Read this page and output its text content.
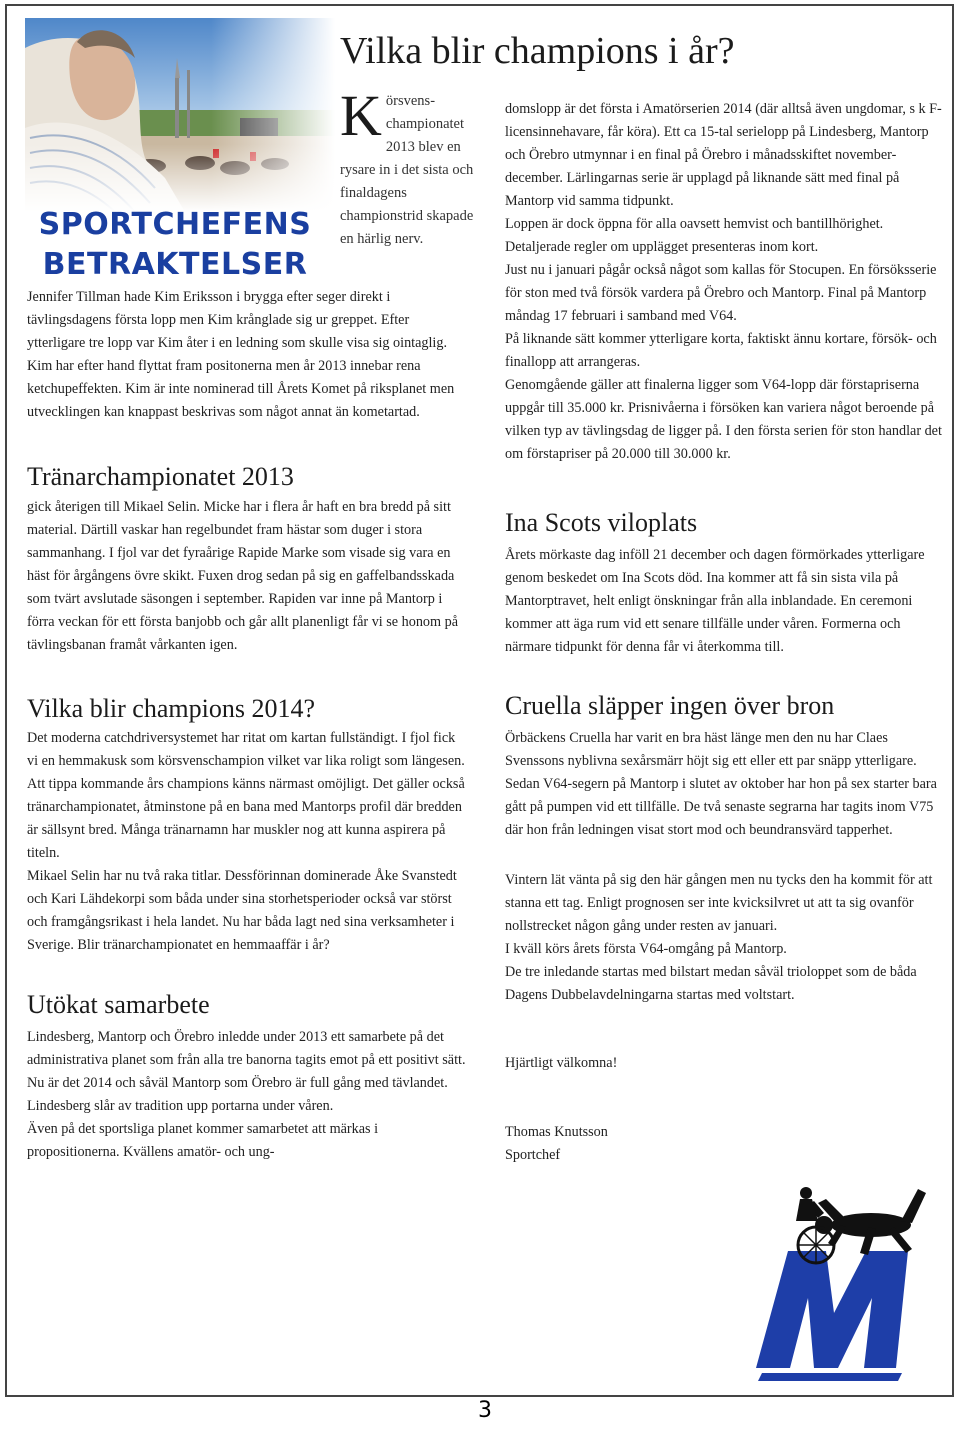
SPORTCHEFENS
BETRAKTELSER
Vilka blir champions i år?
Körsvens-championatet 2013 blev en rysare in i det sista och finaldagens championstrid skapade en härlig nerv.

Jennifer Tillman hade Kim Eriksson i brygga efter seger direkt i tävlingsdagens första lopp men Kim krånglade sig ur greppet. Efter ytterligare tre lopp var Kim åter i en ledning som skulle visa sig ointaglig.

Kim har efter hand flyttat fram positonerna men år 2013 innebar rena ketchupeffekten. Kim är inte nominerad till Årets Komet på riksplanet men utvecklingen kan knappast beskrivas som något annat än kometartad.

Tränarchampionatet 2013

gick återigen till Mikael Selin. Micke har i flera år haft en bra bredd på sitt material. Därtill vaskar han regelbundet fram hästar som duger i stora sammanhang. I fjol var det fyraårige Rapide Marke som visade sig vara en häst för årgångens övre skikt. Fuxen drog sedan på sig en gaffelbandsskada som tvärt avslutade säsongen i september. Rapiden var inne på Mantorp i förra veckan för ett första banjobb och går allt planenligt får vi se honom på tävlingsbanan framåt vårkanten igen.

Vilka blir champions 2014?

Det moderna catchdriversystemet har ritat om kartan fullständigt. I fjol fick vi en hemmakusk som körsvenschampion vilket var lika roligt som längesen.

Att tippa kommande års champions känns närmast omöjligt. Det gäller också tränarchampionatet, åtminstone på en bana med Mantorps profil där bredden är sällsynt bred. Många tränarnamn har muskler nog att kunna aspirera på titeln.

Mikael Selin har nu två raka titlar. Dessförinnan dominerade Åke Svanstedt och Kari Lähdekorpi som båda under sina storhetsperioder också var störst och framgångsrikast i hela landet. Nu har båda lagt ned sina verksamheter i Sverige. Blir tränarchampionatet en hemmaaffär i år?

Utökat samarbete

Lindesberg, Mantorp och Örebro inledde under 2013 ett samarbete på det administrativa planet som från alla tre banorna tagits emot på ett positivt sätt.

Nu är det 2014 och såväl Mantorp som Örebro är full gång med tävlandet. Lindesberg slår av tradition upp portarna under våren.

Även på det sportsliga planet kommer samarbetet att märkas i propositionerna. Kvällens amatör- och ung-

domslopp är det första i Amatörserien 2014 (där alltså även ungdomar, s k F-licensinnehavare, får köra). Ett ca 15-tal serielopp på Lindesberg, Mantorp och Örebro utmynnar i en final på Örebro i månadsskiftet november-december. Lärlingarnas serie är upplagd på liknande sätt med final på Mantorp vid samma tidpunkt.

Loppen är dock öppna för alla oavsett hemvist och bantillhörighet. Detaljerade regler om upplägget presenteras inom kort.

Just nu i januari pågår också något som kallas för Stocupen. En försöksserie för ston med två försök vardera på Örebro och Mantorp. Final på Mantorp måndag 17 februari i samband med V64.

På liknande sätt kommer ytterligare korta, faktiskt ännu kortare, försök- och finallopp att arrangeras.

Genomgående gäller att finalerna ligger som V64-lopp där förstapriserna uppgår till 35.000 kr. Prisnivåerna i försöken kan variera något beroende på vilken typ av tävlingsdag de ligger på. I den första serien för ston handlar det om förstapriser på 20.000 till 30.000 kr.

Ina Scots viloplats

Årets mörkaste dag inföll 21 december och dagen förmörkades ytterligare genom beskedet om Ina Scots död. Ina kommer att få sin sista vila på Mantorptravet, helt enligt önskningar från alla inblandade. En ceremoni kommer att äga rum vid ett senare tillfälle under våren. Formerna och närmare tidpunkt för denna får vi återkomma till.

Cruella släpper ingen över bron

Örbäckens Cruella har varit en bra häst länge men den nu har Claes Svenssons nyblivna sexårsmärr höjt sig ett eller ett par snäpp ytterligare. Sedan V64-segern på Mantorp i slutet av oktober har hon på sex starter bara gått på pumpen vid ett tillfälle. De två senaste segrarna har tagits inom V75 där hon från ledningen visat stort mod och beundransvärd tapperhet.

Vintern lät vänta på sig den här gången men nu tycks den ha kommit för att stanna ett tag. Enligt prognosen ser inte kvicksilvret ut att ta sig ovanför nollstrecket någon gång under resten av januari.

I kväll körs årets första V64-omgång på Mantorp.

De tre inledande startas med bilstart medan såväl trioloppet som de båda Dagens Dubbelavdelningarna startas med voltstart.

Hjärtligt välkomna!

Thomas Knutsson

Sportchef

3
